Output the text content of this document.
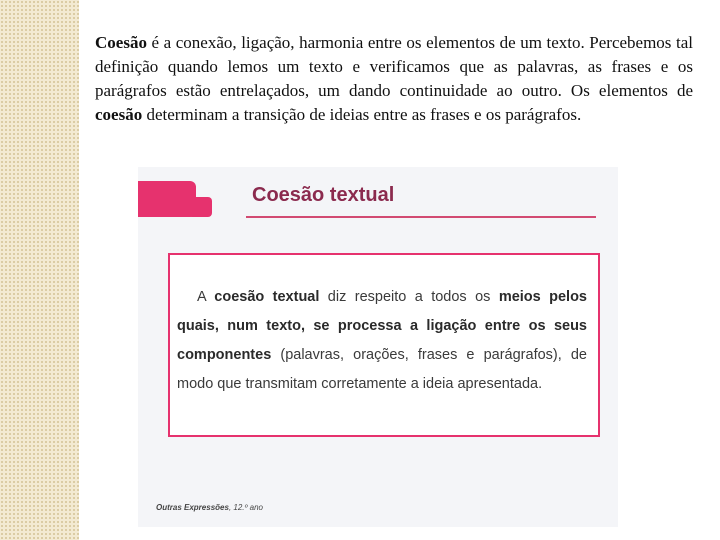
Coesão é a conexão, ligação, harmonia entre os elementos de um texto. Percebemos tal definição quando lemos um texto e verificamos que as palavras, as frases e os parágrafos estão entrelaçados, um dando continuidade ao outro. Os elementos de coesão determinam a transição de ideias entre as frases e os parágrafos.

Coesão textual
A coesão textual diz respeito a todos os meios pelos quais, num texto, se processa a ligação entre os seus componentes (palavras, orações, frases e parágrafos), de modo que transmitam corretamente a ideia apresentada.
Outras Expressões, 12.º ano
